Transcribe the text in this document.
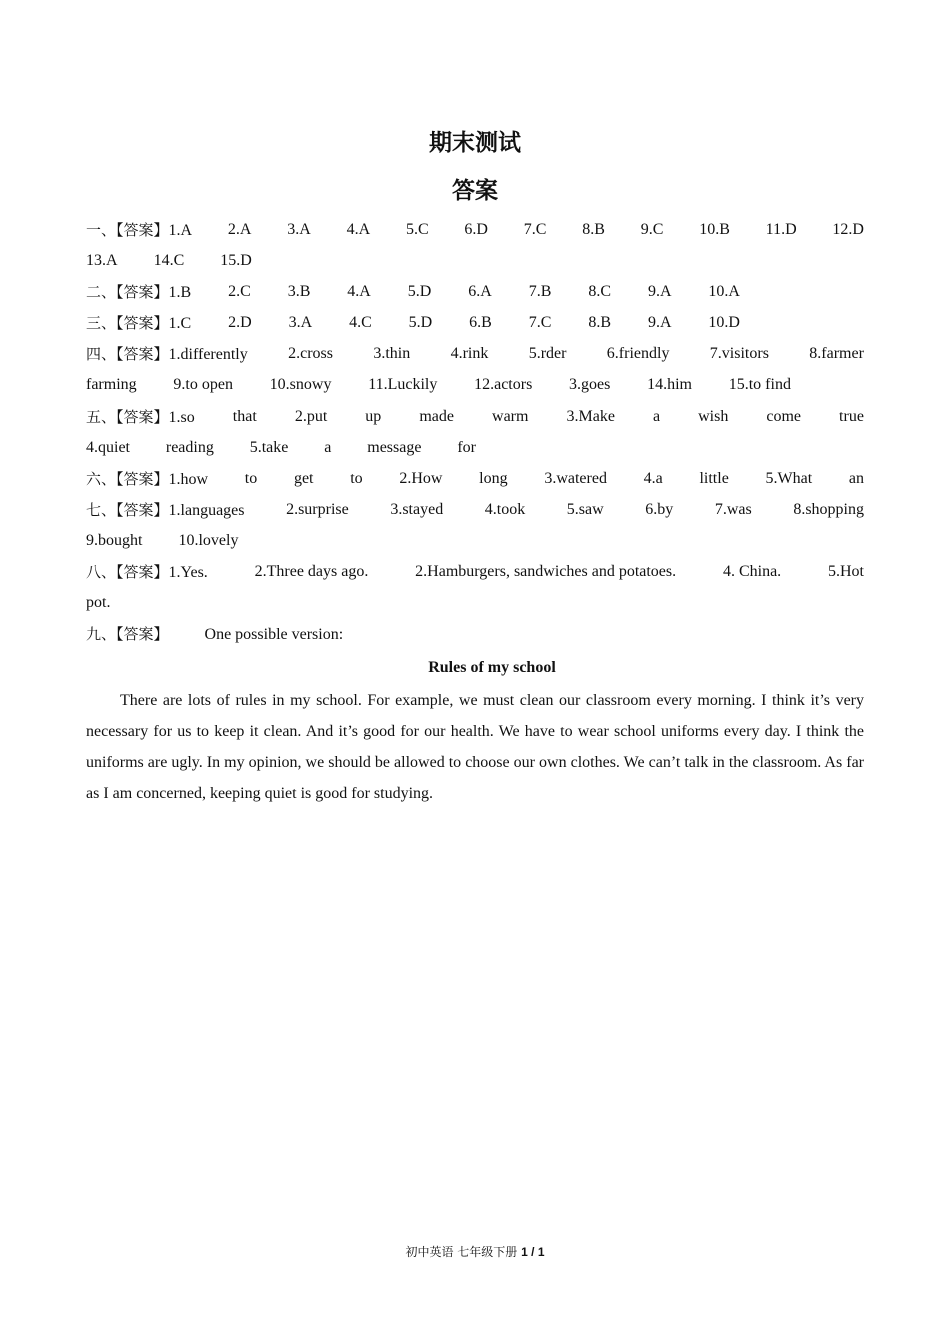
期末测试
答案
一、【答案】1.A 2.A 3.A 4.A 5.C 6.D 7.C 8.B 9.C 10.B 11.D 12.D
13.A 14.C 15.D
二、【答案】1.B 2.C 3.B 4.A 5.D 6.A 7.B 8.C 9.A 10.A
三、【答案】1.C 2.D 3.A 4.C 5.D 6.B 7.C 8.B 9.A 10.D
四、【答案】1.differently	2.cross	3.thin	4.rink	5.rder	6.friendly	7.visitors	8.farmer
farming 9.to open 10.snowy 11.Luckily 12.actors 3.goes 14.him 15.to find
五、【答案】1.so that 2.put up made warm 3.Make a wish come true
4.quiet reading 5.take a message for
六、【答案】1.how to get to 2.How long 3.watered 4.a little 5.What an
七、【答案】1.languages	2.surprise	3.stayed	4.took	5.saw	6.by	7.was	8.shopping
9.bought 10.lovely
八、【答案】1.Yes.	2.Three days ago.	2.Hamburgers, sandwiches and potatoes.	4. China.	5.Hot
pot.
九、【答案】 One possible version:
Rules of my school

There are lots of rules in my school. For example, we must clean our classroom every morning. I think it’s very necessary for us to keep it clean. And it’s good for our health. We have to wear school uniforms every day. I think the uniforms are ugly. In my opinion, we should be allowed to choose our own clothes. We can’t talk in the classroom. As far as I am concerned, keeping quiet is good for studying.

初中英语 七年级下册 1 / 1
